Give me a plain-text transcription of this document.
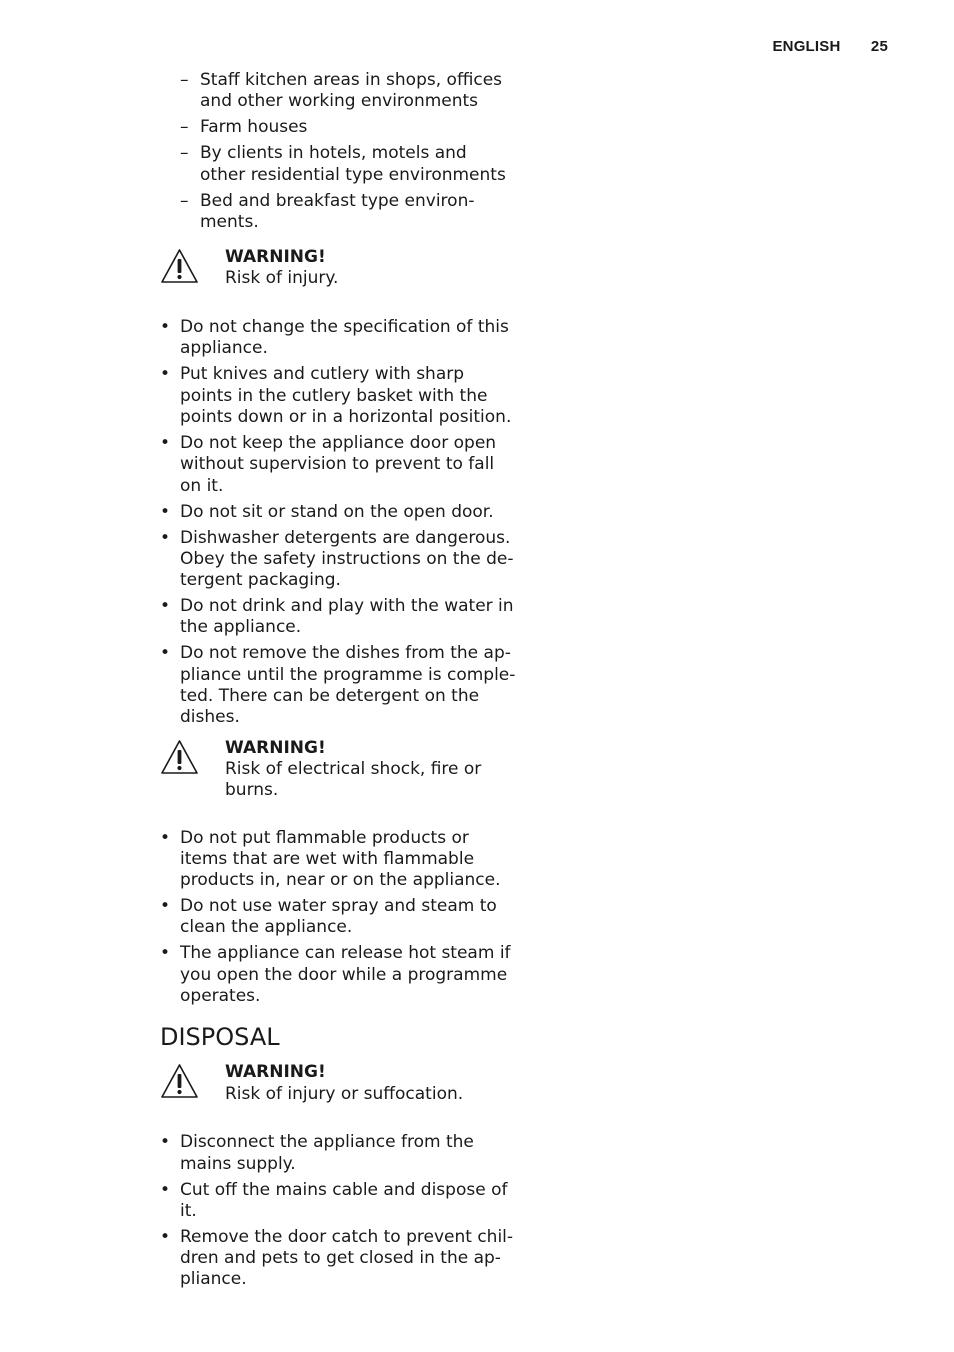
ENGLISH 25
– Staff kitchen areas in shops, offices and other working environments
– Farm houses
– By clients in hotels, motels and other residential type environments
– Bed and breakfast type environments.

WARNING!

Risk of injury.

• Do not change the specification of this appliance.
• Put knives and cutlery with sharp points in the cutlery basket with the points down or in a horizontal position.
• Do not keep the appliance door open without supervision to prevent to fall on it.
• Do not sit or stand on the open door.
• Dishwasher detergents are dangerous. Obey the safety instructions on the detergent packaging.
• Do not drink and play with the water in the appliance.
• Do not remove the dishes from the appliance until the programme is completed. There can be detergent on the dishes.

WARNING!

Risk of electrical shock, fire or burns.

• Do not put flammable products or items that are wet with flammable products in, near or on the appliance.
• Do not use water spray and steam to clean the appliance.
• The appliance can release hot steam if you open the door while a programme operates.
DISPOSAL

WARNING!

Risk of injury or suffocation.

• Disconnect the appliance from the mains supply.
• Cut off the mains cable and dispose of it.
• Remove the door catch to prevent children and pets to get closed in the appliance.
